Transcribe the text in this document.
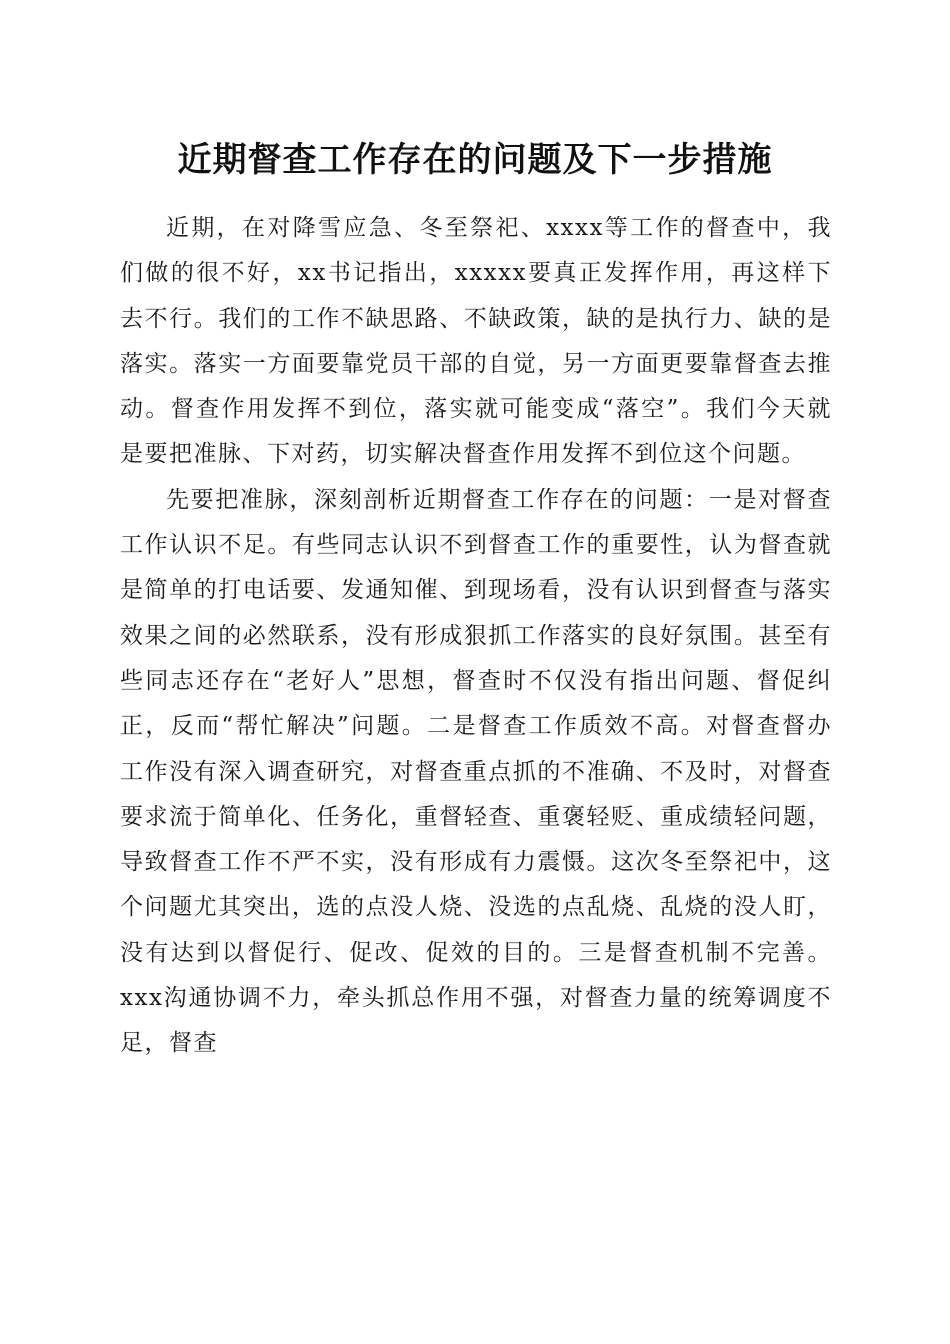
近期督查工作存在的问题及下一步措施

近期，在对降雪应急、冬至祭祀、xxxx等工作的督查中，我们做的很不好，xx书记指出，xxxxx要真正发挥作用，再这样下去不行。我们的工作不缺思路、不缺政策，缺的是执行力、缺的是落实。落实一方面要靠党员干部的自觉，另一方面更要靠督查去推动。督查作用发挥不到位，落实就可能变成“落空”。我们今天就是要把准脉、下对药，切实解决督查作用发挥不到位这个问题。

先要把准脉，深刻剖析近期督查工作存在的问题：一是对督查工作认识不足。有些同志认识不到督查工作的重要性，认为督查就是简单的打电话要、发通知催、到现场看，没有认识到督查与落实效果之间的必然联系，没有形成狠抓工作落实的良好氛围。甚至有些同志还存在“老好人”思想，督查时不仅没有指出问题、督促纠正，反而“帮忙解决”问题。二是督查工作质效不高。对督查督办工作没有深入调查研究，对督查重点抓的不准确、不及时，对督查要求流于简单化、任务化，重督轻查、重褒轻贬、重成绩轻问题，导致督查工作不严不实，没有形成有力震慑。这次冬至祭祀中，这个问题尤其突出，选的点没人烧、没选的点乱烧、乱烧的没人盯，没有达到以督促行、促改、促效的目的。三是督查机制不完善。xxx沟通协调不力，牵头抓总作用不强，对督查力量的统筹调度不足，督查
